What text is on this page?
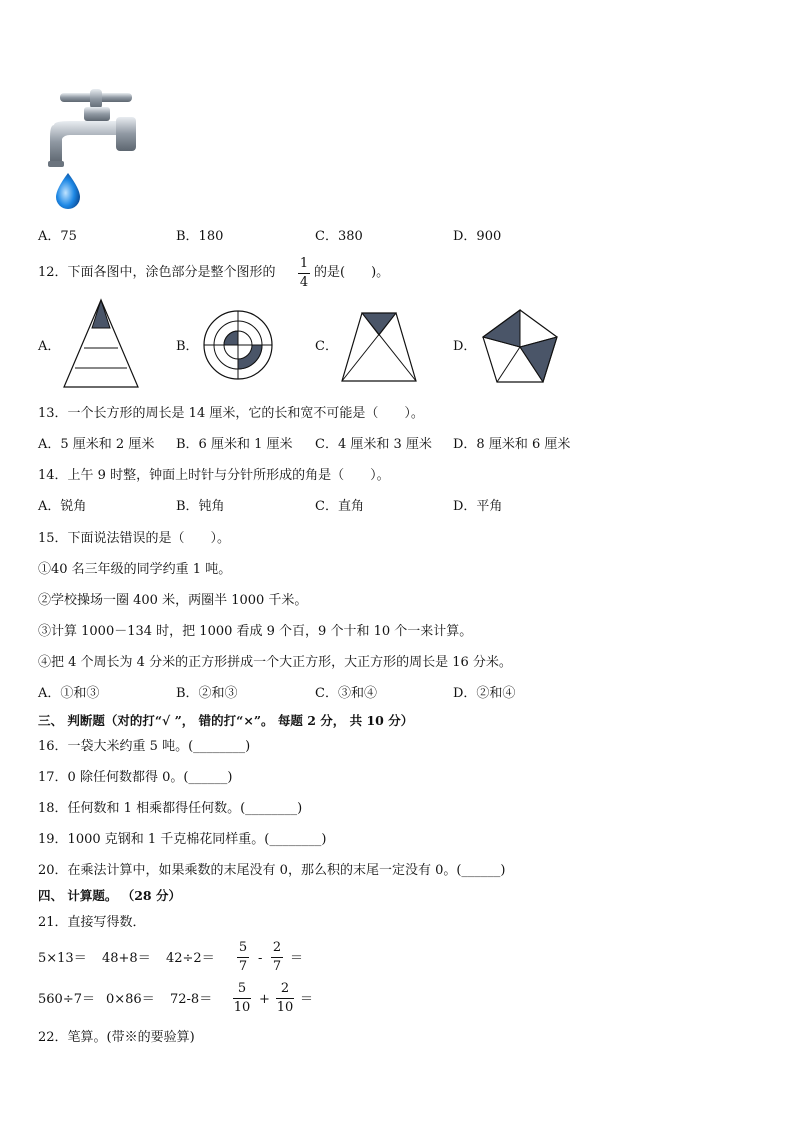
A．75	B．180	C．380	D．900
12．下面各图中，涂色部分是整个图形的
1
4
的是(　　)。
A．	B．	C．	D．
13．一个长方形的周长是 14 厘米，它的长和宽不可能是（　　）。
A．5 厘米和 2 厘米 B．6 厘米和 1 厘米 C．4 厘米和 3 厘米 D．8 厘米和 6 厘米
14．上午 9 时整，钟面上时针与分针所形成的角是（　　）。
A．锐角	B．钝角	C．直角	D．平角
15．下面说法错误的是（　　）。
①40 名三年级的同学约重 1 吨。
②学校操场一圈 400 米，两圈半 1000 千米。
③计算 1000－134 时，把 1000 看成 9 个百，9 个十和 10 个一来计算。
④把 4 个周长为 4 分米的正方形拼成一个大正方形，大正方形的周长是 16 分米。
A．①和③	B．②和③	C．③和④	D．②和④
三、 判断题（对的打“√ ”， 错的打“×”。 每题 2 分， 共 10 分）
16．一袋大米约重 5 吨。(________)
17．0 除任何数都得 0。(______)
18．任何数和 1 相乘都得任何数。(________)
19．1000 克钢和 1 千克棉花同样重。(________)
20．在乘法计算中，如果乘数的末尾没有 0，那么积的末尾一定没有 0。(______)
四、 计算题。 （28 分）
21．直接写得数．
5×13＝ 48+8＝ 42÷2＝
5
7
-
2
7
＝
560÷7＝ 0×86＝ 72-8＝
5
10
+
2
10
＝
22．笔算。(带※的要验算)
